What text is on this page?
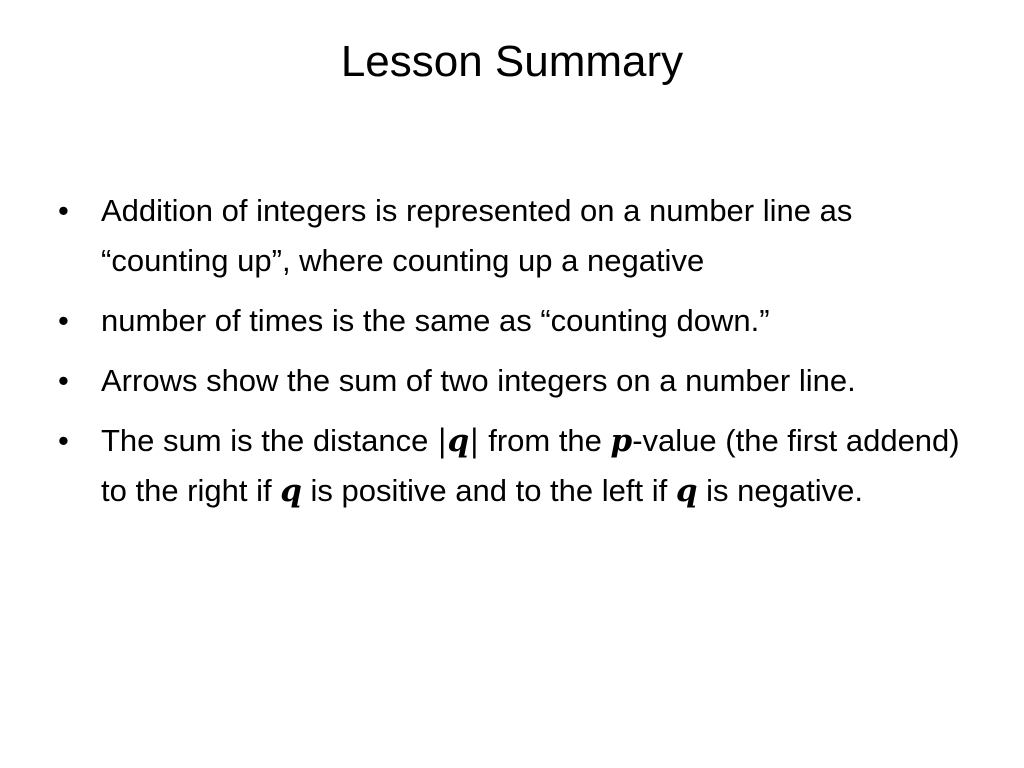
Lesson Summary
•	Addition of integers is represented on a number line as “counting up”, where counting up a negative
•	number of times is the same as “counting down.”
•	Arrows show the sum of two integers on a number line.
•	The sum is the distance |q| from the p-value (the first addend) to the right if q is positive and to the left if q is negative.
